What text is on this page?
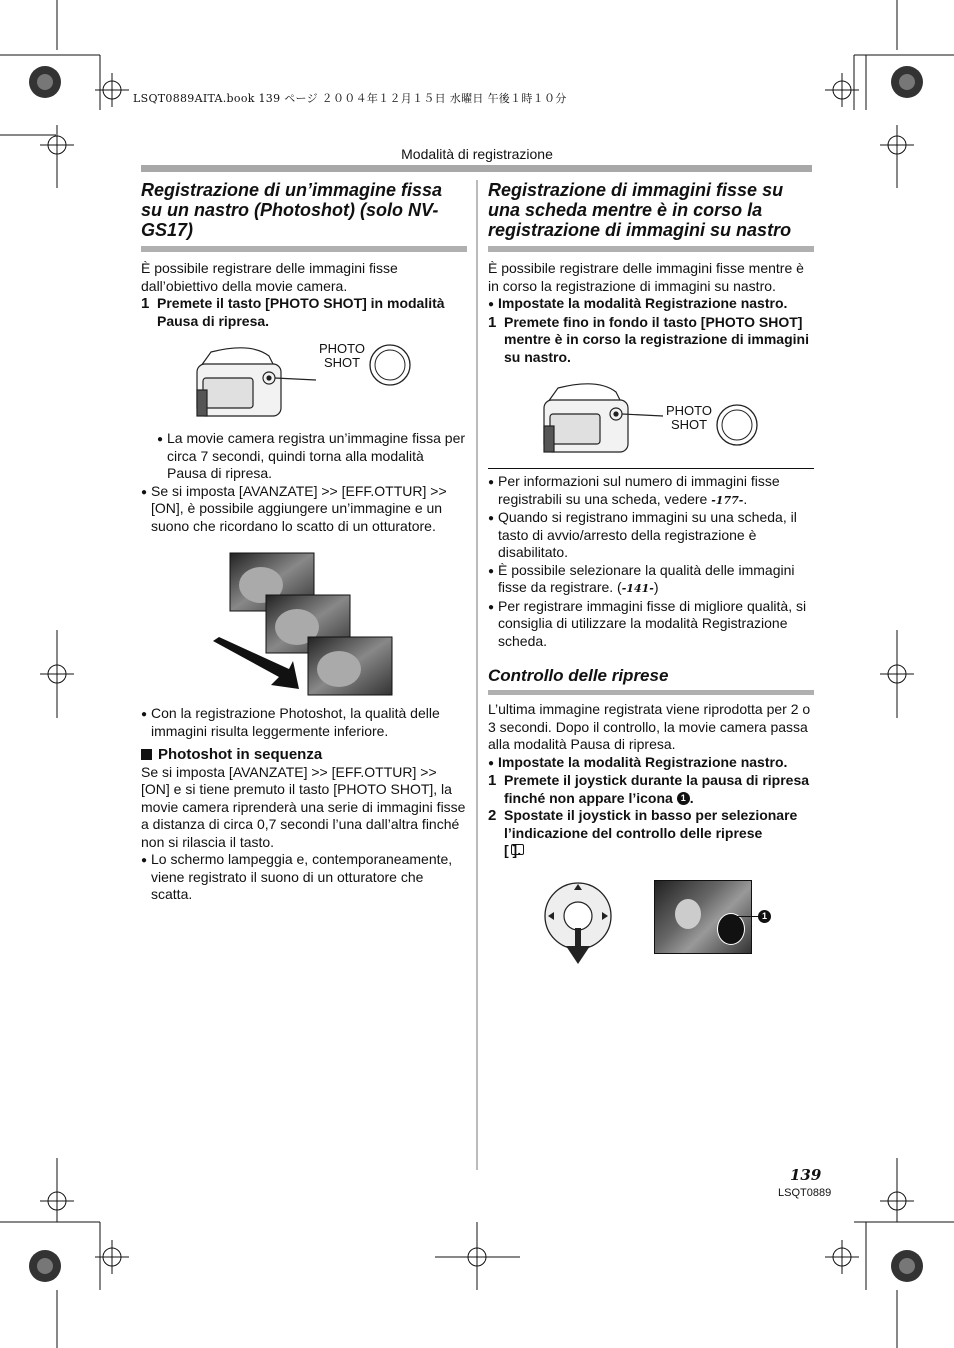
LSQT0889AITA.book 139 ページ ２００４年１２月１５日 水曜日 午後１時１０分
Modalità di registrazione
Registrazione di un’immagine fissa su un nastro (Photoshot) (solo NV-GS17)

È possibile registrare delle immagini fisse dall’obiettivo della movie camera.

1 Premete il tasto [PHOTO SHOT] in modalità Pausa di ripresa.
PHOTO
SHOT
● La movie camera registra un’immagine fissa per circa 7 secondi, quindi torna alla modalità Pausa di ripresa.
● Se si imposta [AVANZATE] >> [EFF.OTTUR] >> [ON], è possibile aggiungere un’immagine e un suono che ricordano lo scatto di un otturatore.
● Con la registrazione Photoshot, la qualità delle immagini risulta leggermente inferiore.

Photoshot in sequenza

Se si imposta [AVANZATE] >> [EFF.OTTUR] >> [ON] e si tiene premuto il tasto [PHOTO SHOT], la movie camera riprenderà una serie di immagini fisse a distanza di circa 0,7 secondi l’una dall’altra finché non si rilascia il tasto.

● Lo schermo lampeggia e, contemporaneamente, viene registrato il suono di un otturatore che scatta.
Registrazione di immagini fisse su una scheda mentre è in corso la registrazione di immagini su nastro

È possibile registrare delle immagini fisse mentre è in corso la registrazione di immagini su nastro.

● Impostate la modalità Registrazione nastro.
1 Premete fino in fondo il tasto [PHOTO SHOT] mentre è in corso la registrazione di immagini su nastro.
PHOTO
SHOT
● Per informazioni sul numero di immagini fisse registrabili su una scheda, vedere -177-.
● Quando si registrano immagini su una scheda, il tasto di avvio/arresto della registrazione è disabilitato.
● È possibile selezionare la qualità delle immagini fisse da registrare. (-141-)
● Per registrare immagini fisse di migliore qualità, si consiglia di utilizzare la modalità Registrazione scheda.
Controllo delle riprese

L’ultima immagine registrata viene riprodotta per 2 o 3 secondi. Dopo il controllo, la movie camera passa alla modalità Pausa di ripresa.

● Impostate la modalità Registrazione nastro.
1 Premete il joystick durante la pausa di ripresa finché non appare l’icona 1 .
2 Spostate il joystick in basso per selezionare l’indicazione del controllo delle riprese
[ ].
1
139
LSQT0889
